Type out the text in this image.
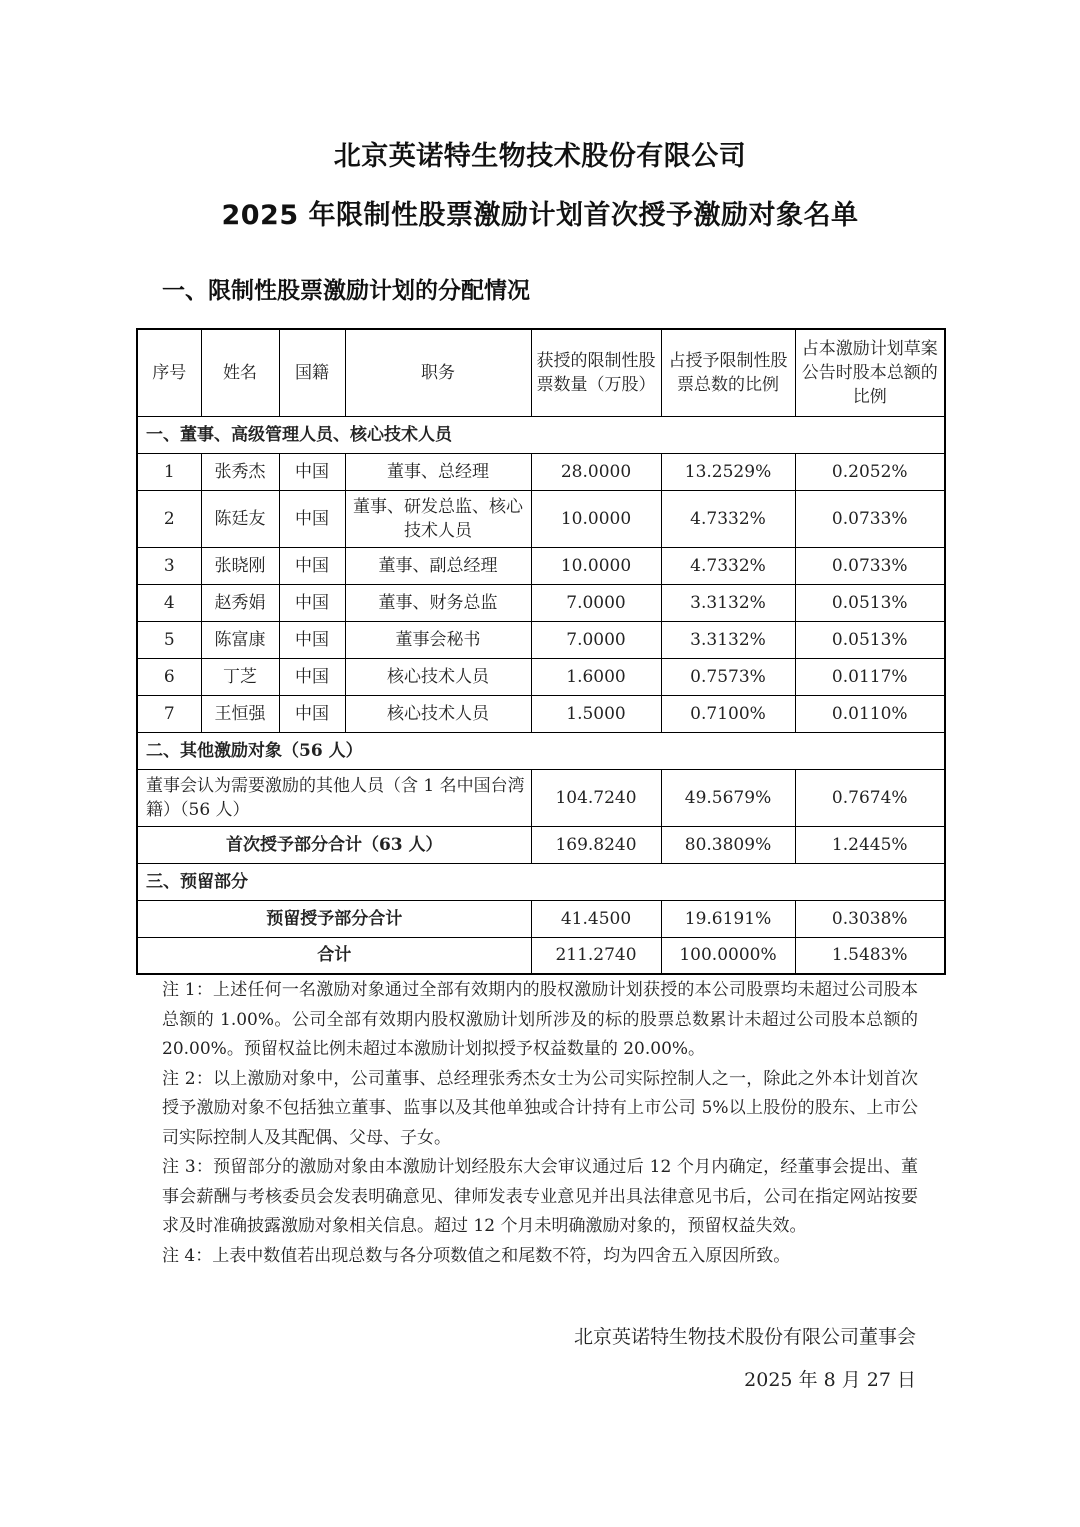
北京英诺特生物技术股份有限公司
2025 年限制性股票激励计划首次授予激励对象名单
一、限制性股票激励计划的分配情况
序号	姓名	国籍	职务	获授的限制性股票数量（万股）	占授予限制性股票总数的比例	占本激励计划草案公告时股本总额的比例
一、董事、高级管理人员、核心技术人员						
1	张秀杰	中国	董事、总经理	28.0000	13.2529%	0.2052%
2	陈廷友	中国	董事、研发总监、核心技术人员	10.0000	4.7332%	0.0733%
3	张晓刚	中国	董事、副总经理	10.0000	4.7332%	0.0733%
4	赵秀娟	中国	董事、财务总监	7.0000	3.3132%	0.0513%
5	陈富康	中国	董事会秘书	7.0000	3.3132%	0.0513%
6	丁芝	中国	核心技术人员	1.6000	0.7573%	0.0117%
7	王恒强	中国	核心技术人员	1.5000	0.7100%	0.0110%
二、其他激励对象（56 人）						
董事会认为需要激励的其他人员（含 1 名中国台湾籍）（56 人）				104.7240	49.5679%	0.7674%
首次授予部分合计（63 人）				169.8240	80.3809%	1.2445%
三、预留部分						
预留授予部分合计				41.4500	19.6191%	0.3038%
合计				211.2740	100.0000%	1.5483%

注 1：上述任何一名激励对象通过全部有效期内的股权激励计划获授的本公司股票均未超过公司股本总额的 1.00%。公司全部有效期内股权激励计划所涉及的标的股票总数累计未超过公司股本总额的 20.00%。预留权益比例未超过本激励计划拟授予权益数量的 20.00%。

注 2：以上激励对象中，公司董事、总经理张秀杰女士为公司实际控制人之一，除此之外本计划首次授予激励对象不包括独立董事、监事以及其他单独或合计持有上市公司 5%以上股份的股东、上市公司实际控制人及其配偶、父母、子女。

注 3：预留部分的激励对象由本激励计划经股东大会审议通过后 12 个月内确定，经董事会提出、董事会薪酬与考核委员会发表明确意见、律师发表专业意见并出具法律意见书后，公司在指定网站按要求及时准确披露激励对象相关信息。超过 12 个月未明确激励对象的，预留权益失效。

注 4：上表中数值若出现总数与各分项数值之和尾数不符，均为四舍五入原因所致。

北京英诺特生物技术股份有限公司董事会
2025 年 8 月 27 日
